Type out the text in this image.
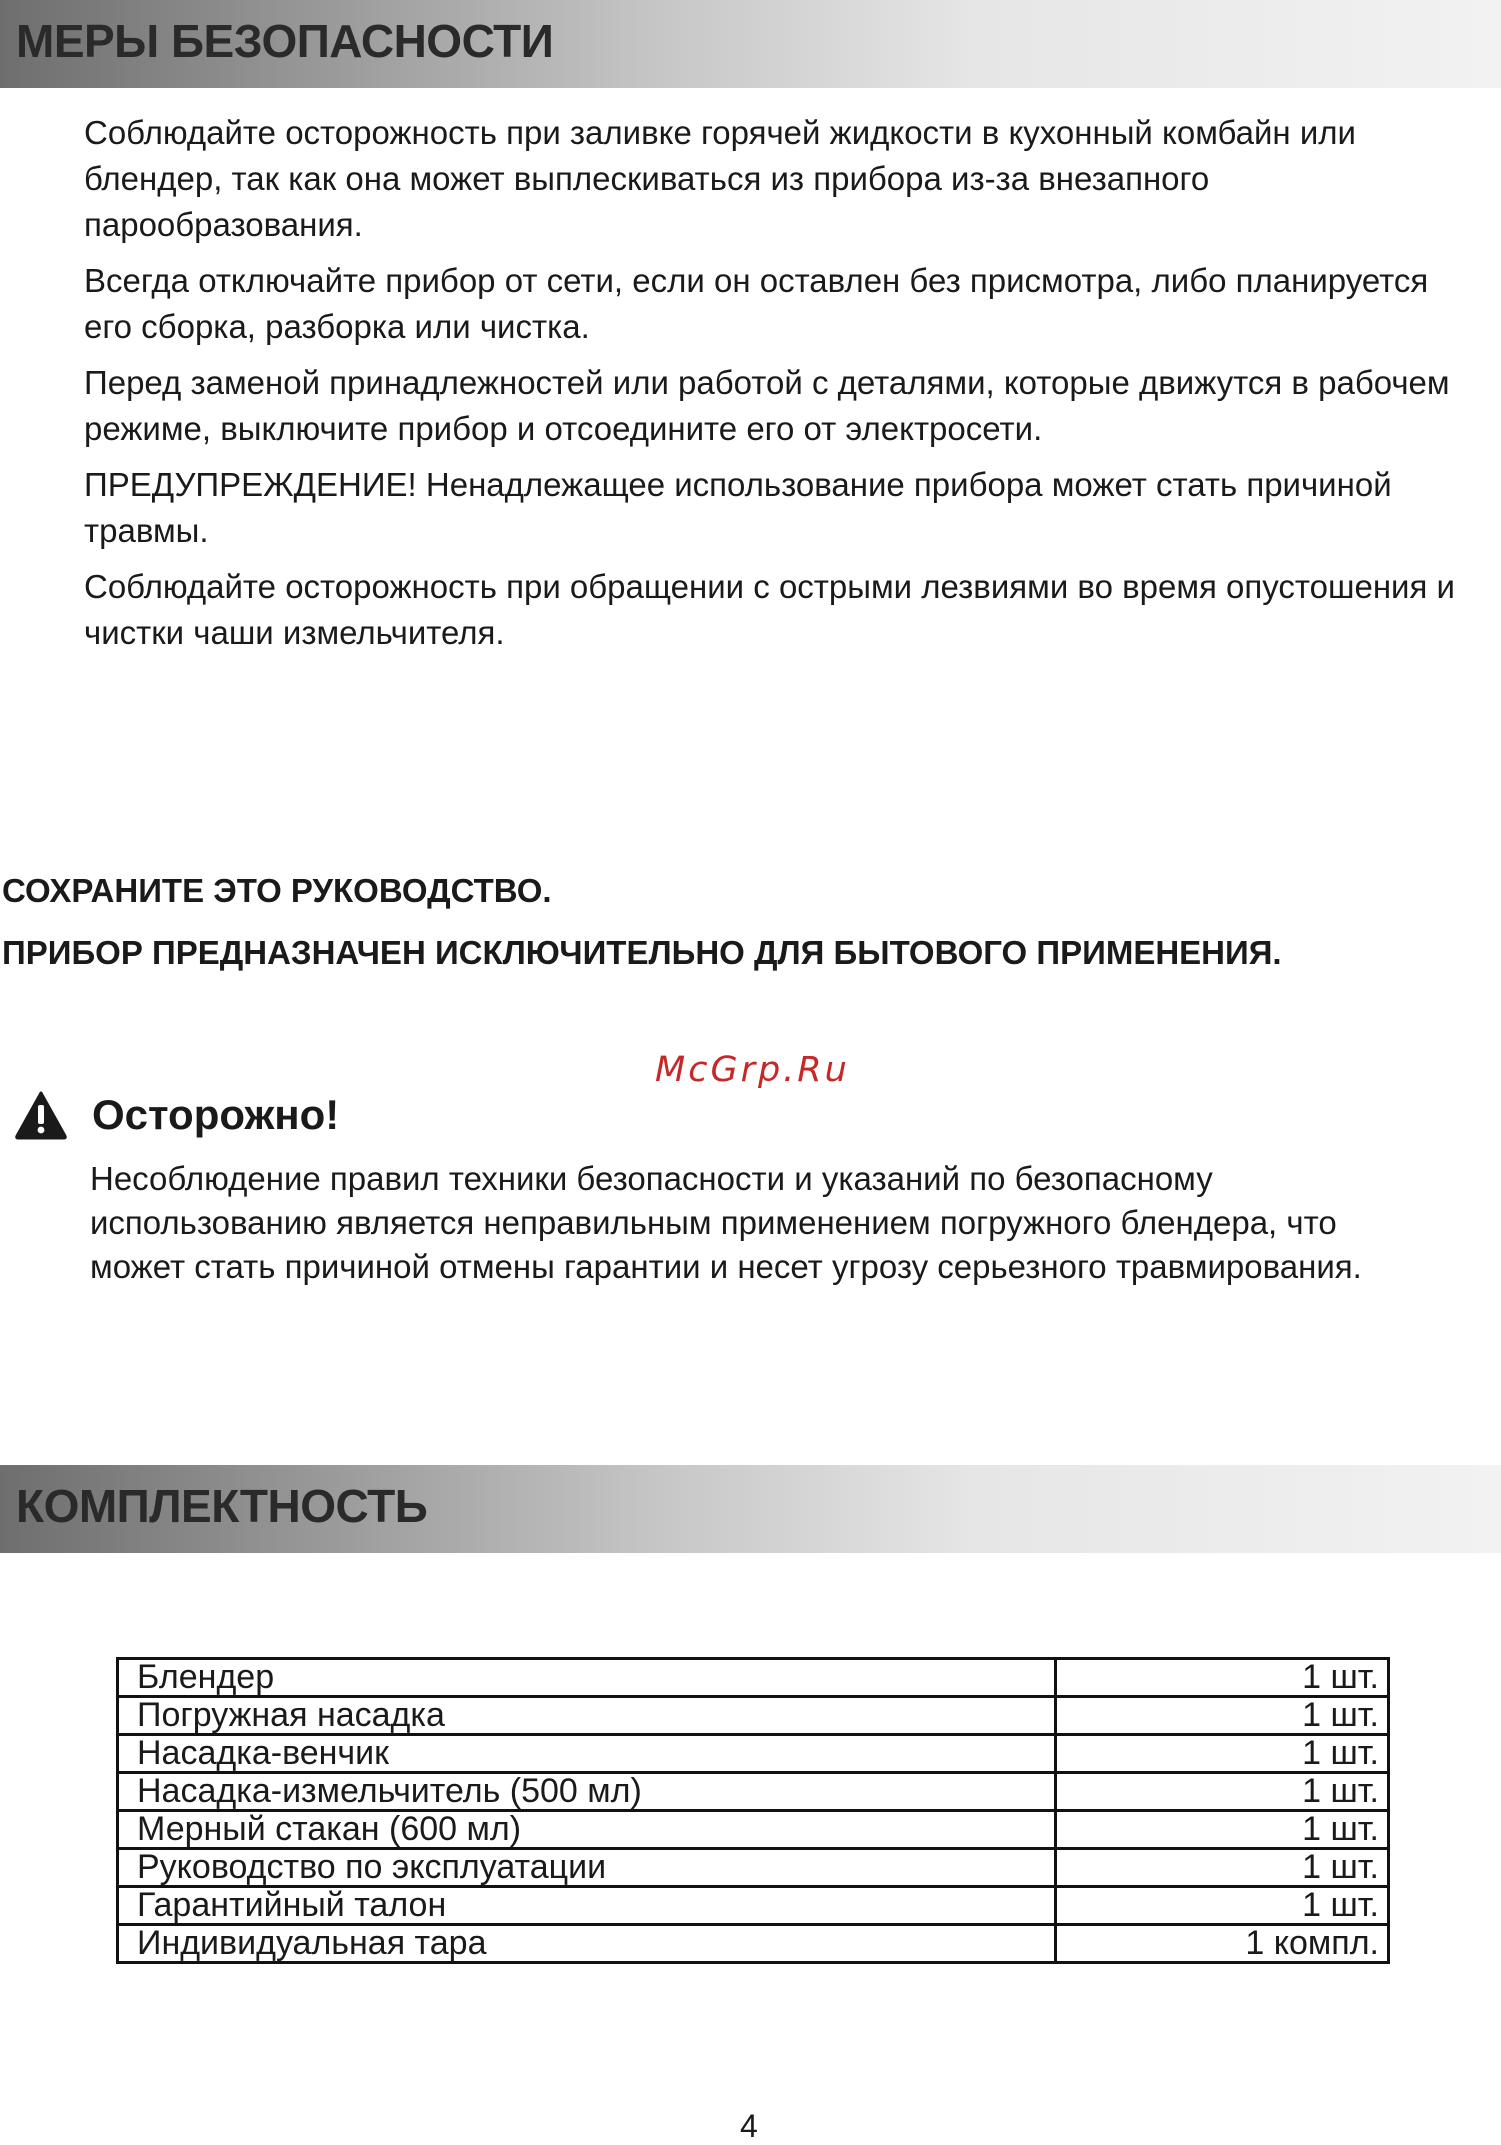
МЕРЫ БЕЗОПАСНОСТИ

Соблюдайте осторожность при заливке горячей жидкости в кухонный комбайн или блендер, так как она может выплескиваться из прибора из-за внезапного парообразования.

Всегда отключайте прибор от сети, если он оставлен без присмотра, либо планируется его сборка, разборка или чистка.

Перед заменой принадлежностей или работой с деталями, которые движутся в рабочем режиме, выключите прибор и отсоедините его от электросети.

ПРЕДУПРЕЖДЕНИЕ! Ненадлежащее использование прибора может стать причиной травмы.

Соблюдайте осторожность при обращении с острыми лезвиями во время опустошения и чистки чаши измельчителя.

СОХРАНИТЕ ЭТО РУКОВОДСТВО.

ПРИБОР ПРЕДНАЗНАЧЕН ИСКЛЮЧИТЕЛЬНО ДЛЯ БЫТОВОГО ПРИМЕНЕНИЯ.

McGrp.Ru
Осторожно!
Несоблюдение правил техники безопасности и указаний по безопасному использованию является неправильным применением погружного блендера, что может стать причиной отмены гарантии и несет угрозу серьезного травмирования.
КОМПЛЕКТНОСТЬ
Блендер	1 шт.
Погружная насадка	1 шт.
Насадка-венчик	1 шт.
Насадка-измельчитель (500 мл)	1 шт.
Мерный стакан (600 мл)	1 шт.
Руководство по эксплуатации	1 шт.
Гарантийный талон	1 шт.
Индивидуальная тара	1 компл.
4
